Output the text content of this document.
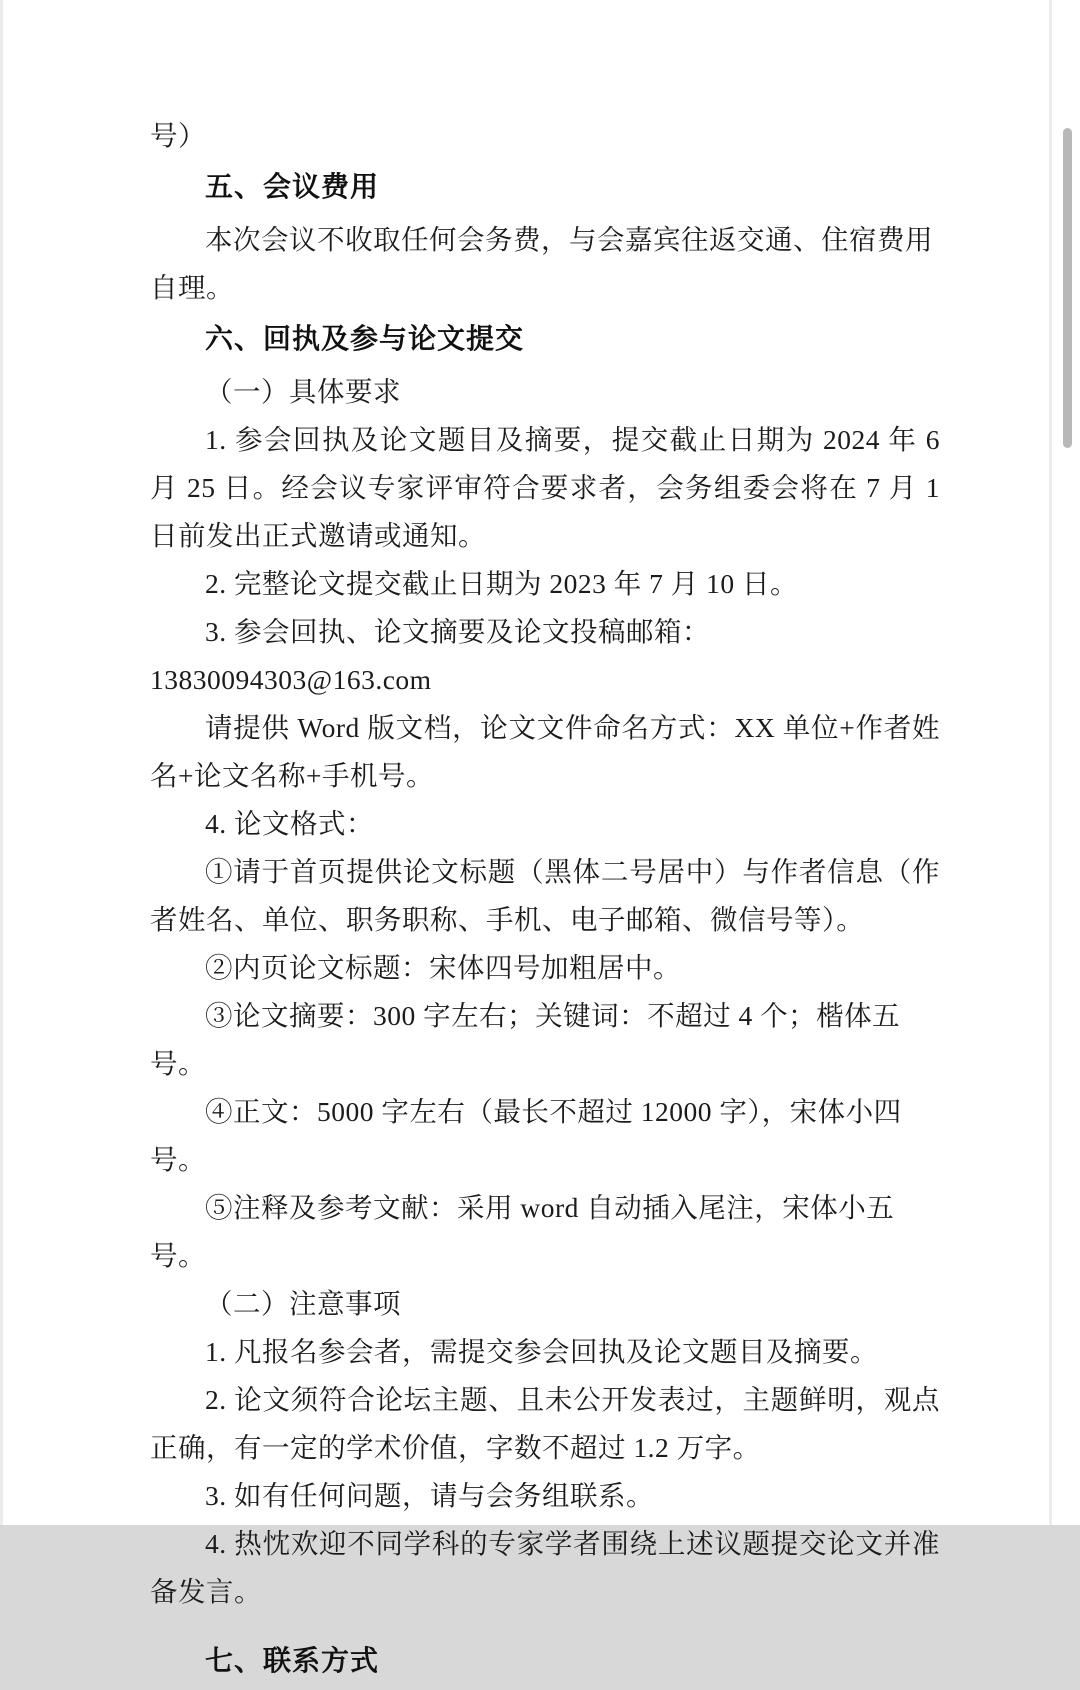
号）

五、会议费用

本次会议不收取任何会务费，与会嘉宾往返交通、住宿费用自理。

六、回执及参与论文提交

（一）具体要求

1. 参会回执及论文题目及摘要，提交截止日期为 2024 年 6 月 25 日。经会议专家评审符合要求者，会务组委会将在 7 月 1 日前发出正式邀请或通知。

2. 完整论文提交截止日期为 2023 年 7 月 10 日。

3. 参会回执、论文摘要及论文投稿邮箱：13830094303@163.com

请提供 Word 版文档，论文文件命名方式：XX 单位+作者姓名+论文名称+手机号。

4. 论文格式：

①请于首页提供论文标题（黑体二号居中）与作者信息（作者姓名、单位、职务职称、手机、电子邮箱、微信号等）。

②内页论文标题：宋体四号加粗居中。

③论文摘要：300 字左右；关键词：不超过 4 个；楷体五号。

④正文：5000 字左右（最长不超过 12000 字），宋体小四号。

⑤注释及参考文献：采用 word 自动插入尾注，宋体小五号。

（二）注意事项

1. 凡报名参会者，需提交参会回执及论文题目及摘要。

2. 论文须符合论坛主题、且未公开发表过，主题鲜明，观点正确，有一定的学术价值，字数不超过 1.2 万字。

3. 如有任何问题，请与会务组联系。

4. 热忱欢迎不同学科的专家学者围绕上述议题提交论文并准备发言。

七、联系方式
